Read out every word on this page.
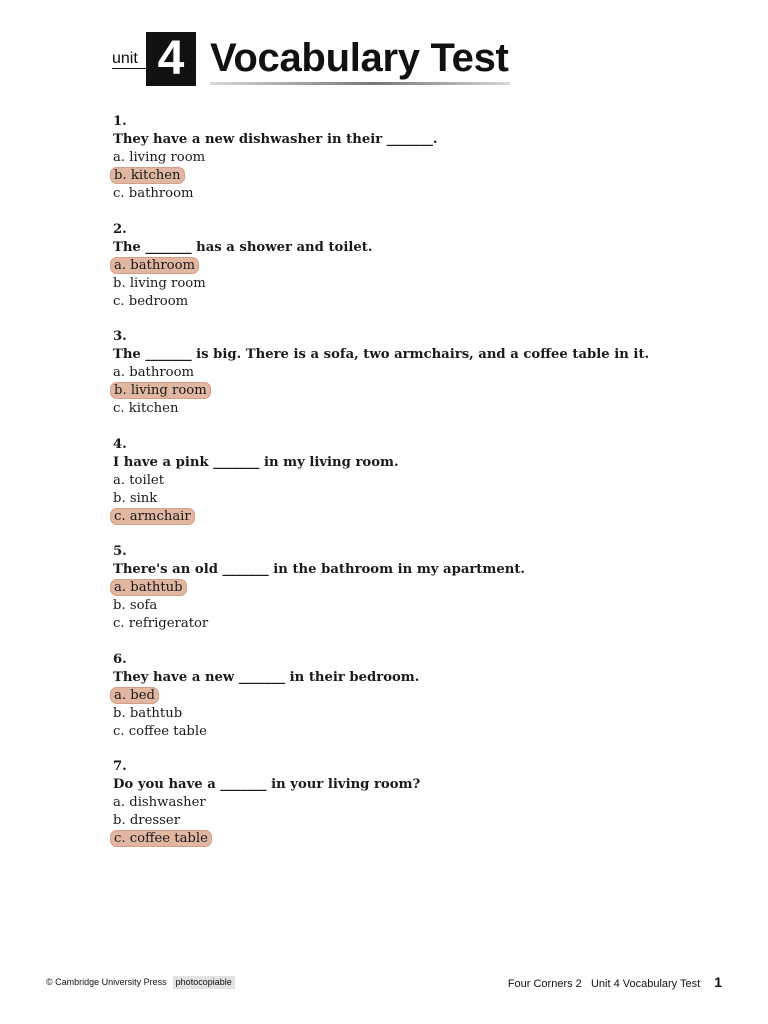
unit 4 Vocabulary Test
1.
They have a new dishwasher in their _______.
a. living room
b. kitchen
c. bathroom
2.
The _______ has a shower and toilet.
a. bathroom
b. living room
c. bedroom
3.
The _______ is big. There is a sofa, two armchairs, and a coffee table in it.
a. bathroom
b. living room
c. kitchen
4.
I have a pink _______ in my living room.
a. toilet
b. sink
c. armchair
5.
There's an old _______ in the bathroom in my apartment.
a. bathtub
b. sofa
c. refrigerator
6.
They have a new _______ in their bedroom.
a. bed
b. bathtub
c. coffee table
7.
Do you have a _______ in your living room?
a. dishwasher
b. dresser
c. coffee table
© Cambridge University Press photocopiable	Four Corners 2   Unit 4 Vocabulary Test 1
